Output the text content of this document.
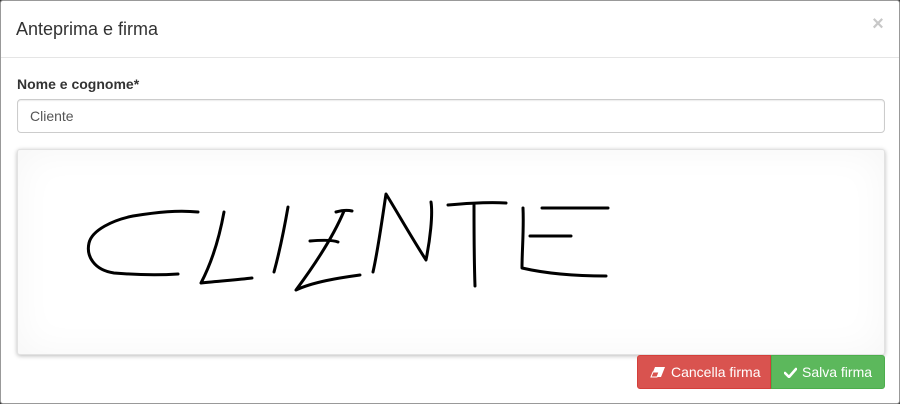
Anteprima e firma	×
Nome e cognome*
Cliente
Cancella firma	Salva firma
